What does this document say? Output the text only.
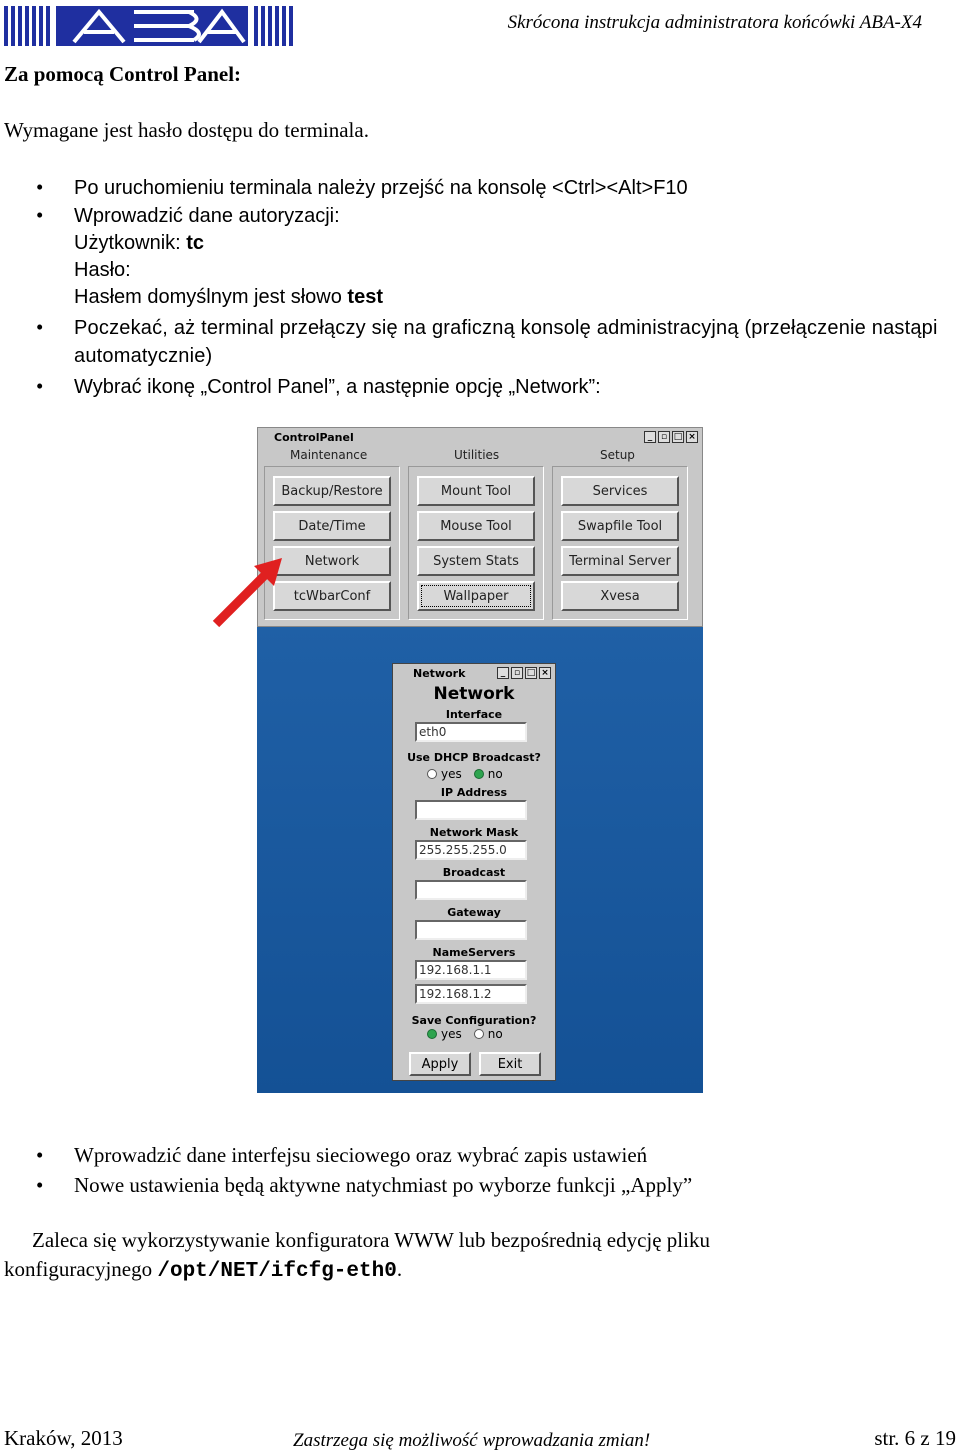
Skrócona instrukcja administratora końcówki ABA-X4
Za pomocą Control Panel:
Wymagane jest hasło dostępu do terminala.
• Po uruchomieniu terminala należy przejść na konsolę <Ctrl><Alt>F10
• Wprowadzić dane autoryzacji:
Użytkownik: tc
Hasło:
Hasłem domyślnym jest słowo test
• Poczekać, aż terminal przełączy się na graficzną konsolę administracyjną (przełączenie nastąpi automatycznie)
• Wybrać ikonę „Control Panel”, a następnie opcję „Network”:
ControlPanel	_ ▫ □ ×
Maintenance	Utilities	Setup
Backup/Restore
Date/Time
Network
tcWbarConf
Mount Tool
Mouse Tool
System Stats
Wallpaper
Services
Swapfile Tool
Terminal Server
Xvesa
Network	_ ▫ □ ×
Network
Interface
eth0
Use DHCP Broadcast?
yes no
IP Address
Network Mask
255.255.255.0
Broadcast
Gateway
NameServers
192.168.1.1
192.168.1.2
Save Configuration?
yes no
Apply	Exit
• Wprowadzić dane interfejsu sieciowego oraz wybrać zapis ustawień
• Nowe ustawienia będą aktywne natychmiast po wyborze funkcji „Apply”
Zaleca się wykorzystywanie konfiguratora WWW lub bezpośrednią edycję pliku
konfiguracyjnego /opt/NET/ifcfg-eth0.
Kraków, 2013	Zastrzega się możliwość wprowadzania zmian!	str. 6 z 19
